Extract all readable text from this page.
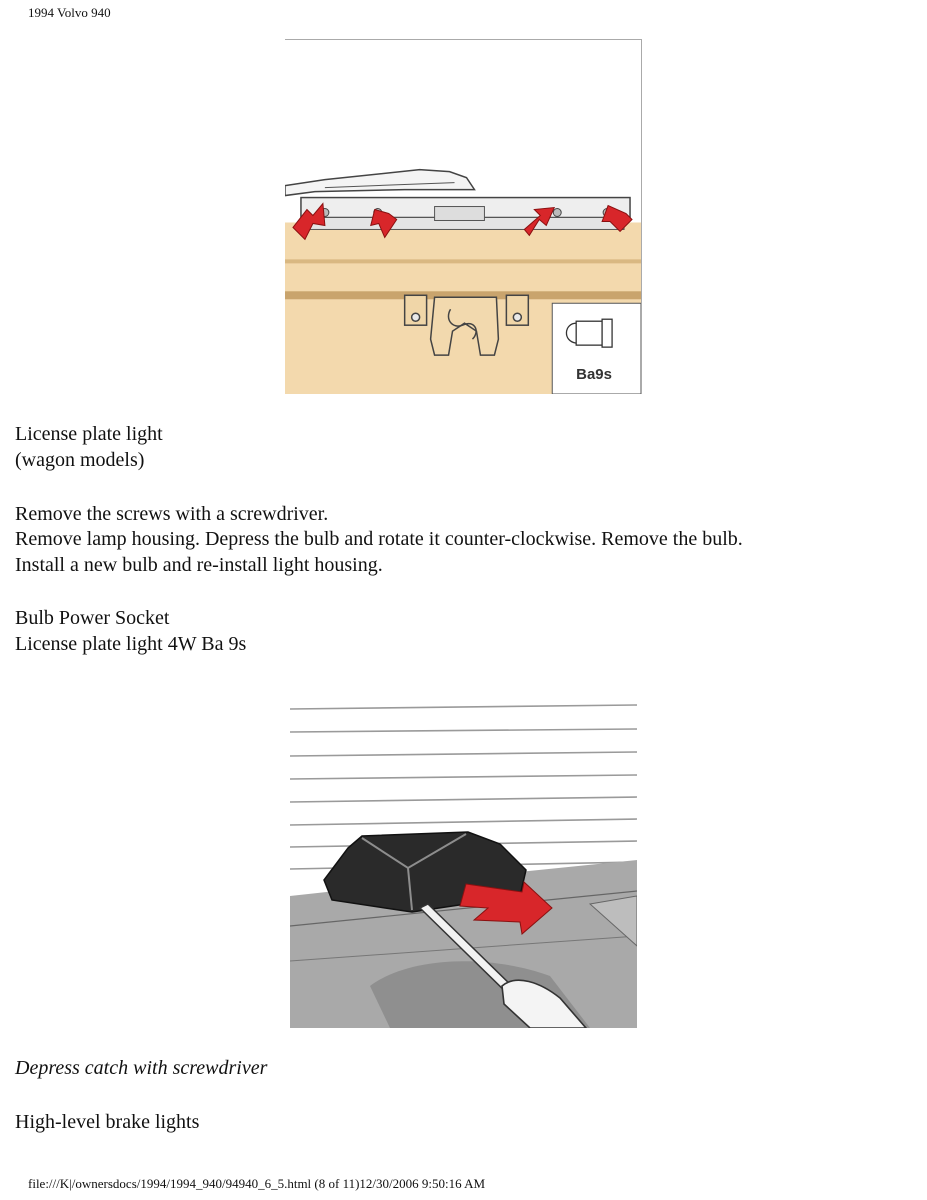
1994 Volvo 940
Ba9s
License plate light
(wagon models)
Remove the screws with a screwdriver.
Remove lamp housing. Depress the bulb and rotate it counter-clockwise. Remove the bulb.
Install a new bulb and re-install light housing.
Bulb Power Socket
License plate light 4W Ba 9s
Depress catch with screwdriver
High-level brake lights
file:///K|/ownersdocs/1994/1994_940/94940_6_5.html (8 of 11)12/30/2006 9:50:16 AM
